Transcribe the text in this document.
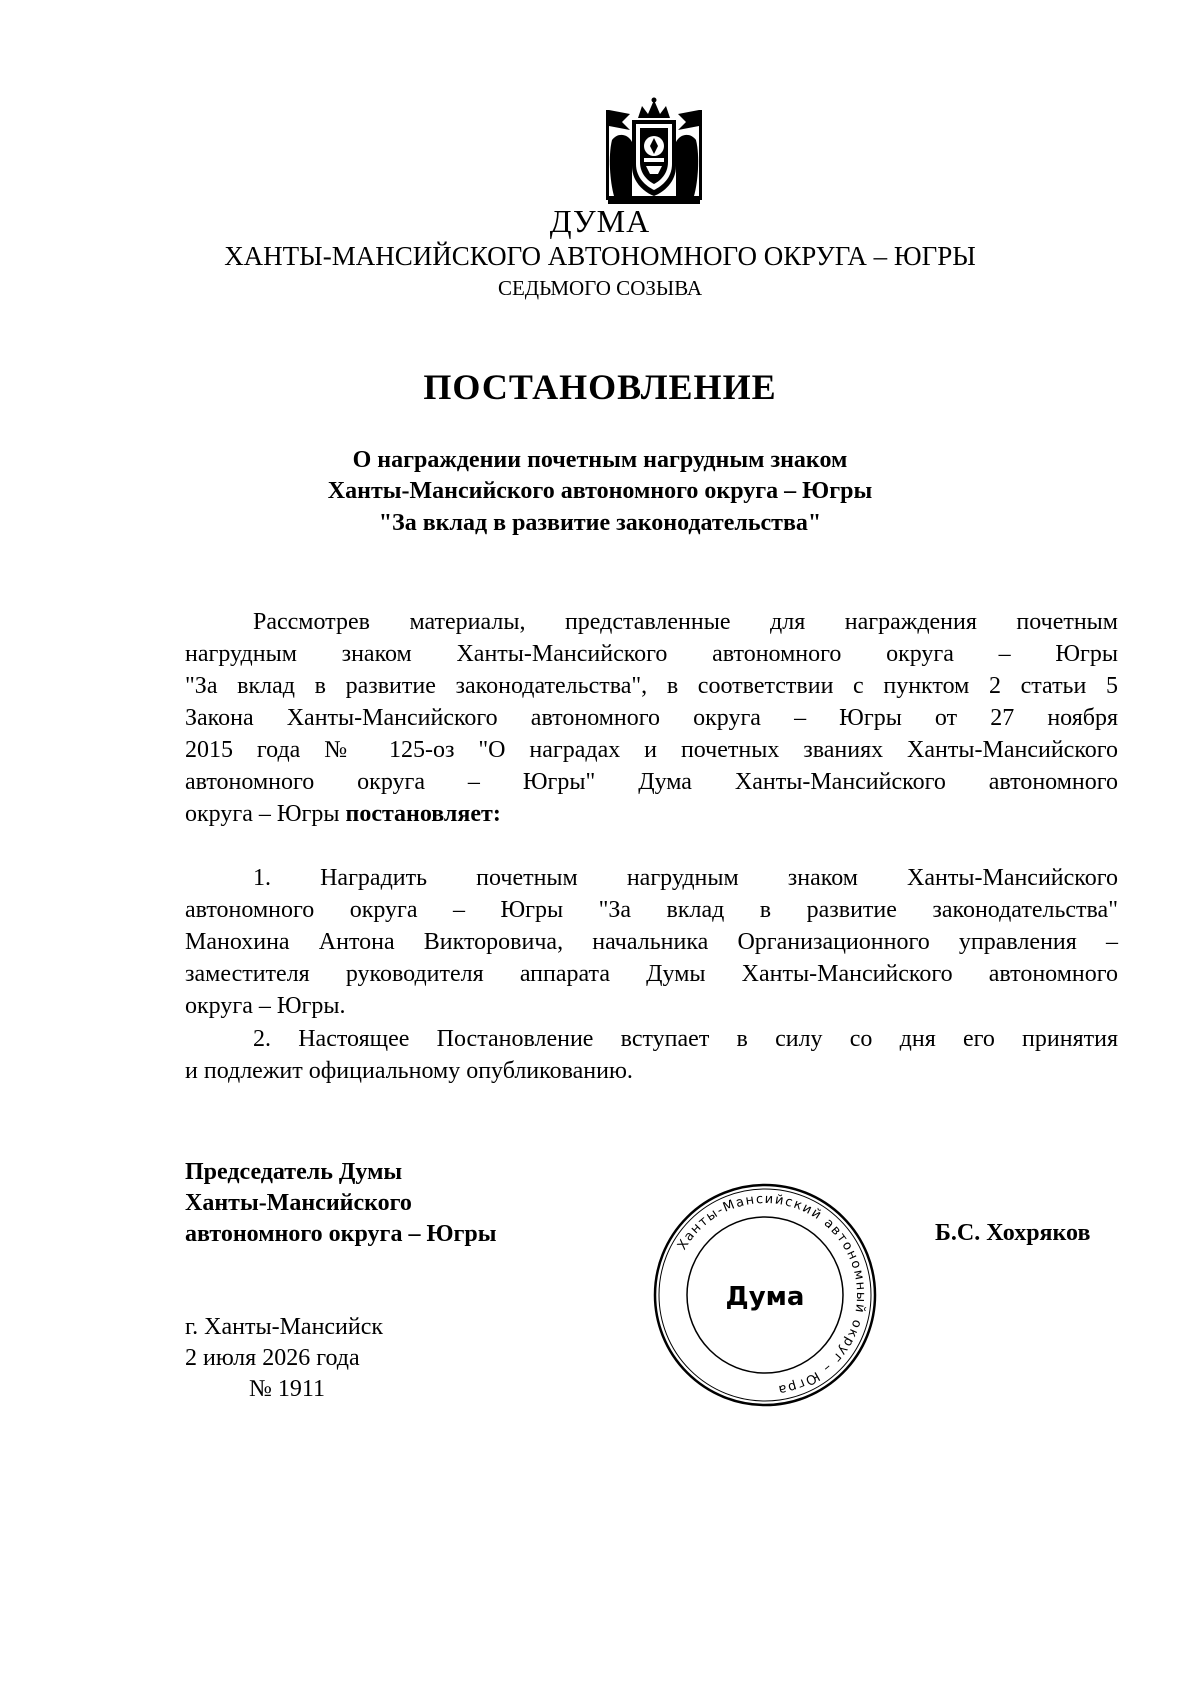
ДУМА
ХАНТЫ-МАНСИЙСКОГО АВТОНОМНОГО ОКРУГА – ЮГРЫ
СЕДЬМОГО СОЗЫВА
ПОСТАНОВЛЕНИЕ
О награждении почетным нагрудным знаком
Ханты-Мансийского автономного округа – Югры
"За вклад в развитие законодательства"
Рассмотрев материалы, представленные для награждения почетным
нагрудным знаком Ханты-Мансийского автономного округа – Югры
"За вклад в развитие законодательства", в соответствии с пунктом 2 статьи 5
Закона Ханты-Мансийского автономного округа – Югры от 27 ноября
2015 года № 125-оз "О наградах и почетных званиях Ханты-Мансийского
автономного округа – Югры" Дума Ханты-Мансийского автономного
округа – Югры постановляет:
1. Наградить почетным нагрудным знаком Ханты-Мансийского
автономного округа – Югры "За вклад в развитие законодательства"
Манохина Антона Викторовича, начальника Организационного управления –
заместителя руководителя аппарата Думы Ханты-Мансийского автономного
округа – Югры.
2. Настоящее Постановление вступает в силу со дня его принятия
и подлежит официальному опубликованию.
Председатель Думы
Ханты-Мансийского
автономного округа – Югры	Ханты-Мансийский автономный округ – Югра
Дума
Б.С. Хохряков
г. Ханты-Мансийск
2 июля 2026 года
№ 1911
